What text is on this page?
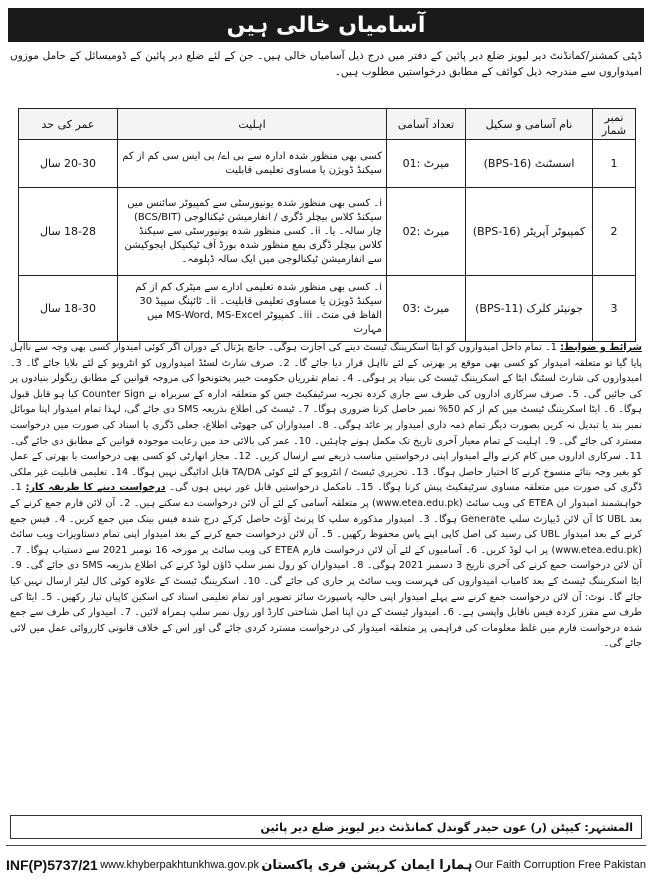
آسامیاں خالی ہیں
ڈپٹی کمشنر/کمانڈنٹ دیر لیویز ضلع دیر پائین کے دفتر میں درج ذیل آسامیاں خالی ہیں۔ جن کے لئے ضلع دیر پائین کے ڈومیسائل کے حامل موزوں امیدواروں سے مندرجہ ذیل کوائف کے مطابق درخواستیں مطلوب ہیں۔
نمبر شمار	نام آسامی و سکیل	تعداد آسامی	اہلیت	عمر کی حد
1	اسسٹنٹ (BPS-16)	میرٹ :01	کسی بھی منظور شدہ ادارہ سے بی اے/ بی ایس سی کم از کم سیکنڈ ڈویژن یا مساوی تعلیمی قابلیت	20-30 سال
2	کمپیوٹر آپریٹر (BPS-16)	میرٹ :02	i۔ کسی بھی منظور شدہ یونیورسٹی سے کمپیوٹر سائنس میں سیکنڈ کلاس بیچلر ڈگری / انفارمیشن ٹیکنالوجی (BCS/BIT) چار سالہ۔ یا۔ ii۔ کسی منظور شدہ یونیورسٹی سے سیکنڈ کلاس بیچلر ڈگری بمع منظور شدہ بورڈ آف ٹیکنیکل ایجوکیشن سے انفارمیشن ٹیکنالوجی میں ایک سالہ ڈپلومہ۔	18-28 سال
3	جونیئر کلرک (BPS-11)	میرٹ :03	i۔ کسی بھی منظور شدہ تعلیمی ادارے سے میٹرک کم از کم سیکنڈ ڈویژن یا مساوی تعلیمی قابلیت۔ ii۔ ٹائپنگ سپیڈ 30 الفاظ فی منٹ۔ iii۔ کمپیوٹر MS-Word, MS-Excel میں مہارت	18-30 سال
شرائط و ضوابط: 1۔ تمام داخل امیدواروں کو ایٹا اسکریننگ ٹیسٹ دینے کی اجازت ہوگی۔ جانچ پڑتال کے دوران اگر کوئی امیدوار کسی بھی وجہ سے نااہل پایا گیا تو متعلقہ امیدوار کو کسی بھی موقع پر بھرتی کے لئے نااہل قرار دیا جائے گا۔ 2۔ صرف شارٹ لسٹڈ امیدواروں کو انٹرویو کے لئے بلایا جائے گا۔ 3۔ امیدواروں کی شارٹ لسٹنگ ایٹا کے اسکریننگ ٹیسٹ کی بنیاد پر ہوگی۔ 4۔ تمام تقرریاں حکومت خیبر پختونخوا کی مروجہ قوانین کے مطابق ریگولر بنیادوں پر کی جائیں گی۔ 5۔ صرف سرکاری اداروں کی طرف سے جاری کردہ تجربہ سرٹیفکیٹ جس کو متعلقہ ادارہ کے سربراہ نے Counter Sign کیا ہو قابل قبول ہوگا۔ 6۔ ایٹا اسکریننگ ٹیسٹ میں کم از کم 50% نمبر حاصل کرنا ضروری ہوگا۔ 7۔ ٹیسٹ کی اطلاع بذریعہ SMS دی جائے گی، لہذا تمام امیدوار اپنا موبائل نمبر بند یا تبدیل نہ کریں بصورت دیگر تمام ذمہ داری امیدوار پر عائد ہوگی۔ 8۔ امیدواران کی جھوٹی اطلاع، جعلی ڈگری یا اسناد کی صورت میں درخواست مسترد کی جائے گی۔ 9۔ اہلیت کے تمام معیار آخری تاریخ تک مکمل ہونے چاہئیں۔ 10۔ عمر کی بالائی حد میں رعایت موجودہ قوانین کے مطابق دی جائے گی۔ 11۔ سرکاری اداروں میں کام کرنے والے امیدوار اپنی درخواستیں مناسب ذریعے سے ارسال کریں۔ 12۔ مجاز اتھارٹی کو کسی بھی درخواست یا بھرتی کے عمل کو بغیر وجہ بتائے منسوخ کرنے کا اختیار حاصل ہوگا۔ 13۔ تحریری ٹیسٹ / انٹرویو کے لئے کوئی TA/DA قابل ادائیگی نہیں ہوگا۔ 14۔ تعلیمی قابلیت غیر ملکی ڈگری کی صورت میں متعلقہ مساوی سرٹیفکیٹ پیش کرنا ہوگا۔ 15۔ نامکمل درخواستیں قابل غور نہیں ہوں گی۔ درخواست دینے کا طریقہ کار: 1۔ خواہشمند امیدوار ان ETEA کی ویب سائٹ (www.etea.edu.pk) پر متعلقہ آسامی کے لئے آن لائن درخواست دے سکتے ہیں۔ 2۔ آن لائن فارم جمع کرنے کے بعد UBL کا آن لائن ڈیپازٹ سلپ Generate ہوگا۔ 3۔ امیدوار مذکورہ سلپ کا پرنٹ آؤٹ حاصل کرکے درج شدہ فیس بینک میں جمع کریں۔ 4۔ فیس جمع کرنے کے بعد امیدوار UBL کی رسید کی اصل کاپی اپنے پاس محفوظ رکھیں۔ 5۔ آن لائن درخواست جمع کرنے کے بعد امیدوار اپنی تمام دستاویزات ویب سائٹ (www.etea.edu.pk) پر اپ لوڈ کریں۔ 6۔ آسامیوں کے لئے آن لائن درخواست فارم ETEA کی ویب سائٹ پر مورخہ 16 نومبر 2021 سے دستیاب ہوگا۔ 7۔ آن لائن درخواست جمع کرنے کی آخری تاریخ 3 دسمبر 2021 ہوگی۔ 8۔ امیدواران کو رول نمبر سلپ ڈاؤن لوڈ کرنے کی اطلاع بذریعہ SMS دی جائے گی۔ 9۔ ایٹا اسکریننگ ٹیسٹ کے بعد کامیاب امیدواروں کی فہرست ویب سائٹ پر جاری کی جائے گی۔ 10۔ اسکریننگ ٹیسٹ کے علاوہ کوئی کال لیٹر ارسال نہیں کیا جائے گا۔ نوٹ: آن لائن درخواست جمع کرنے سے پہلے امیدوار اپنی حالیہ پاسپورٹ سائز تصویر اور تمام تعلیمی اسناد کی اسکین کاپیاں تیار رکھیں۔ 5۔ ایٹا کی طرف سے مقرر کردہ فیس ناقابل واپسی ہے۔ 6۔ امیدوار ٹیسٹ کے دن اپنا اصل شناختی کارڈ اور رول نمبر سلپ ہمراہ لائیں۔ 7۔ امیدوار کی طرف سے جمع شدہ درخواست فارم میں غلط معلومات کی فراہمی پر متعلقہ امیدوار کی درخواست مسترد کردی جائے گی اور اس کے خلاف قانونی کارروائی عمل میں لائی جائے گی۔
المشتہر: کیپٹن (ر) عون حیدر گوندل کمانڈنٹ دیر لیویز ضلع دیر پائین
INF(P)5737/21 www.khyberpakhtunkhwa.gov.pk ہمارا ایمان کرپشن فری پاکستان Our Faith Corruption Free Pakistan
